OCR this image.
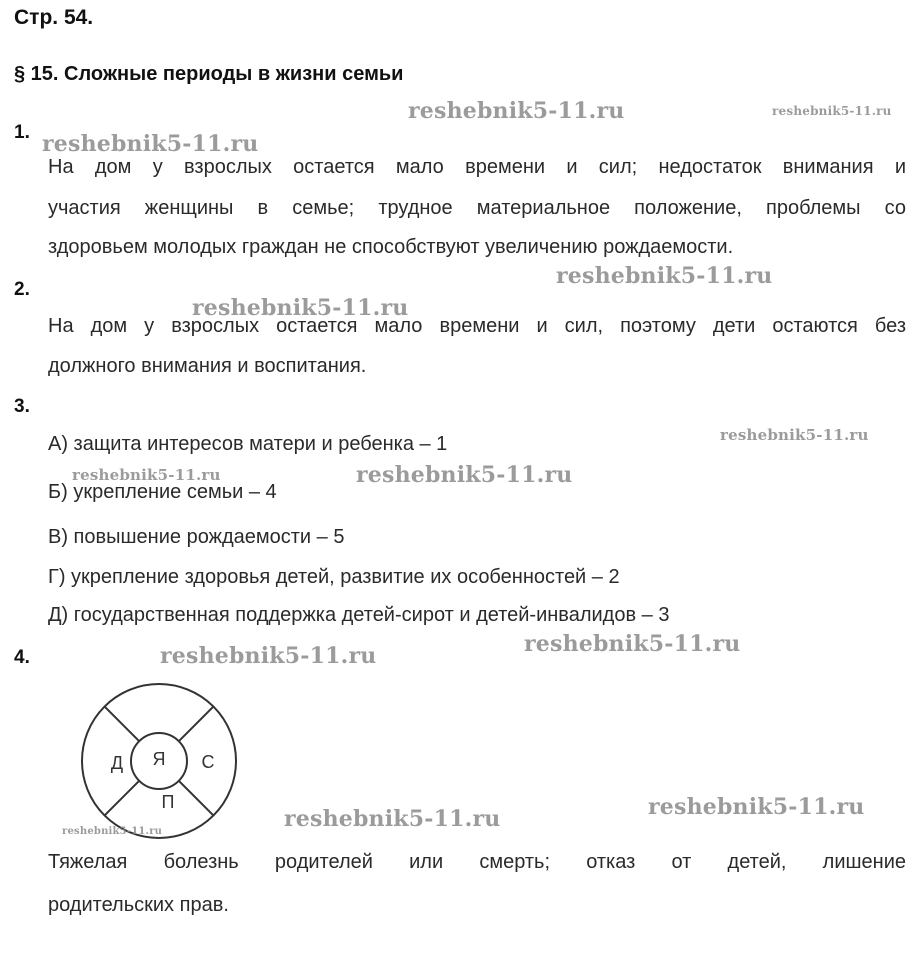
Стр. 54.
§ 15. Сложные периоды в жизни семьи
1.
На дом у взрослых остается мало времени и сил; недостаток внимания и
участия женщины в семье; трудное материальное положение, проблемы со
здоровьем молодых граждан не способствуют увеличению рождаемости.
2.
На дом у взрослых остается мало времени и сил, поэтому дети остаются без
должного внимания и воспитания.
3.
А) защита интересов матери и ребенка – 1
Б) укрепление семьи – 4
В) повышение рождаемости – 5
Г) укрепление здоровья детей, развитие их особенностей – 2
Д) государственная поддержка детей-сирот и детей-инвалидов – 3
4.
Я
Д	С
П
Тяжелая болезнь родителей или смерть; отказ от детей, лишение
родительских прав.
reshebnik5-11.ru	reshebnik5-11.ru
reshebnik5-11.ru
reshebnik5-11.ru
reshebnik5-11.ru
reshebnik5-11.ru
reshebnik5-11.ru	reshebnik5-11.ru
reshebnik5-11.ru
reshebnik5-11.ru
reshebnik5-11.ru
reshebnik5-11.ru
reshebnik5-11.ru
